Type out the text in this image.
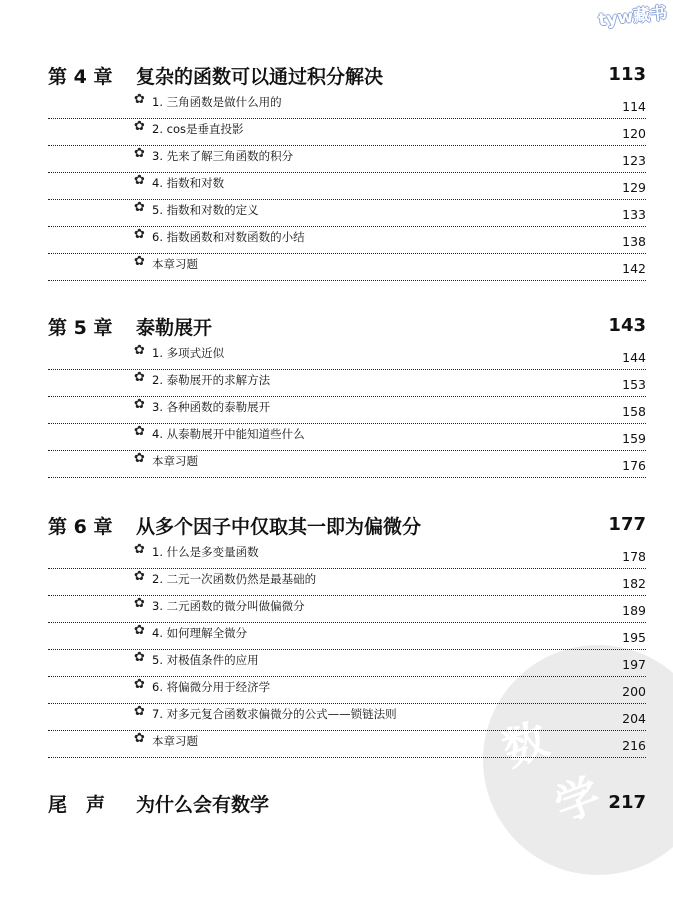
数
学
tyw藏书
第 4 章 复杂的函数可以通过积分解决	113
✿ 1. 三角函数是做什么用的	114
✿ 2. cos是垂直投影	120
✿ 3. 先来了解三角函数的积分	123
✿ 4. 指数和对数	129
✿ 5. 指数和对数的定义	133
✿ 6. 指数函数和对数函数的小结	138
✿ 本章习题	142
第 5 章 泰勒展开	143
✿ 1. 多项式近似	144
✿ 2. 泰勒展开的求解方法	153
✿ 3. 各种函数的泰勒展开	158
✿ 4. 从泰勒展开中能知道些什么	159
✿ 本章习题	176
第 6 章 从多个因子中仅取其一即为偏微分	177
✿ 1. 什么是多变量函数	178
✿ 2. 二元一次函数仍然是最基础的	182
✿ 3. 二元函数的微分叫做偏微分	189
✿ 4. 如何理解全微分	195
✿ 5. 对极值条件的应用	197
✿ 6. 将偏微分用于经济学	200
✿ 7. 对多元复合函数求偏微分的公式——锁链法则	204
✿ 本章习题	216
尾　声 为什么会有数学	217
